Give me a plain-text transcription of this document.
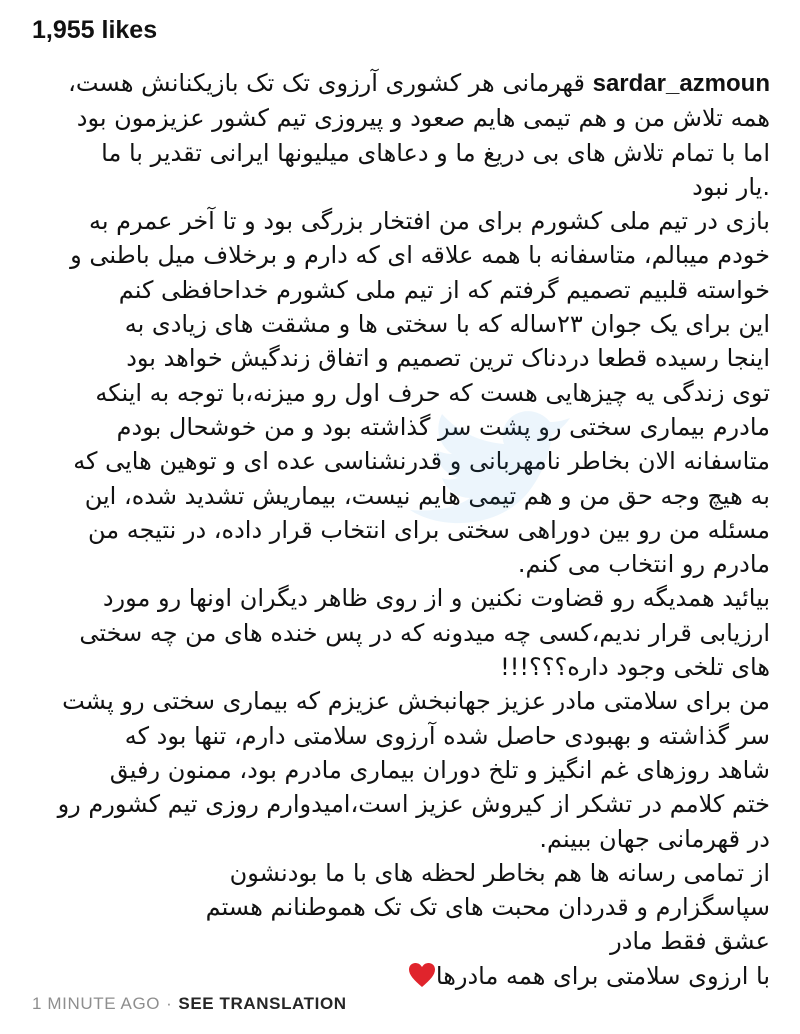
1,955 likes
sardar_azmoun قهرمانی هر کشوری آرزوی تک تک بازیکنانش هست،
همه تلاش من و هم تیمی هایم صعود و پیروزی تیم کشور عزیزمون بود
اما با تمام تلاش های بی دریغ ما و دعاهای میلیونها ایرانی تقدیر با ما
.یار نبود
بازی در تیم ملی کشورم برای من افتخار بزرگی بود و تا آخر عمرم به
خودم میبالم، متاسفانه با همه علاقه ای که دارم و برخلاف میل باطنی و
خواسته قلبیم تصمیم گرفتم که از تیم ملی کشورم خداحافظی کنم
این برای یک جوان ۲۳ساله که با سختی ها و مشقت های زیادی به
اینجا رسیده قطعا دردناک ترین تصمیم و اتفاق زندگیش خواهد بود
توی زندگی یه چیزهایی هست که حرف اول رو میزنه،با توجه به اینکه
مادرم بیماری سختی رو پشت سر گذاشته بود و من خوشحال بودم
متاسفانه الان بخاطر نامهربانی و قدرنشناسی عده ای و توهین هایی که
به هیچ وجه حق من و هم تیمی هایم نیست، بیماریش تشدید شده، این
مسئله من رو بین دوراهی سختی برای انتخاب قرار داده، در نتیجه من
مادرم رو انتخاب می کنم.
بیائید همدیگه رو قضاوت نکنین و از روی ظاهر دیگران اونها رو مورد
ارزیابی قرار ندیم،کسی چه میدونه که در پس خنده های من چه سختی
های تلخی وجود داره؟؟؟!!!
من برای سلامتی مادر عزیز جهانبخش عزیزم که بیماری سختی رو پشت
سر گذاشته و بهبودی حاصل شده آرزوی سلامتی دارم، تنها بود که
شاهد روزهای غم انگیز و تلخ دوران بیماری مادرم بود، ممنون رفیق
ختم کلامم در تشکر از کیروش عزیز است،امیدوارم روزی تیم کشورم رو
در قهرمانی جهان ببینم.
از تمامی رسانه ها هم بخاطر لحظه های با ما بودنشون
سپاسگزارم و قدردان محبت های تک تک هموطنانم هستم
عشق فقط مادر
با ارزوی سلامتی برای همه مادرها
1 MINUTE AGO · SEE TRANSLATION
